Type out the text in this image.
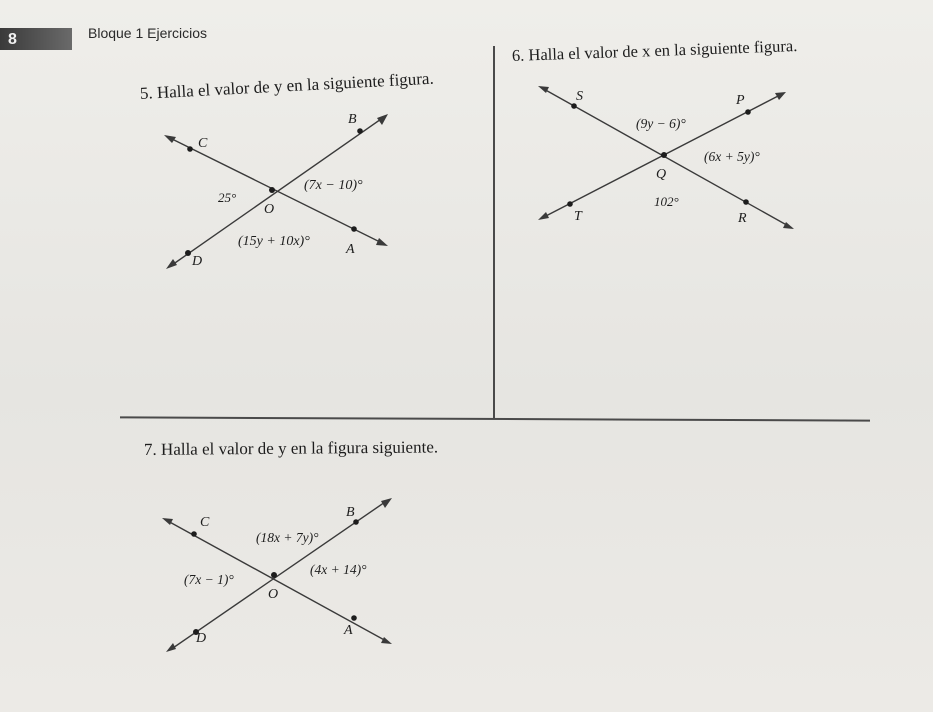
8	Bloque 1 Ejercicios
5. Halla el valor de y en la siguiente figura.
B
C
O
D
A
25°
(7x − 10)°
(15y + 10x)°
6. Halla el valor de x en la siguiente figura.
S	P
Q
T	R
(9y − 6)°
(6x + 5y)°
102°
7. Halla el valor de y en la figura siguiente.
C
B
O
D
A
(18x + 7y)°
(4x + 14)°
(7x − 1)°
